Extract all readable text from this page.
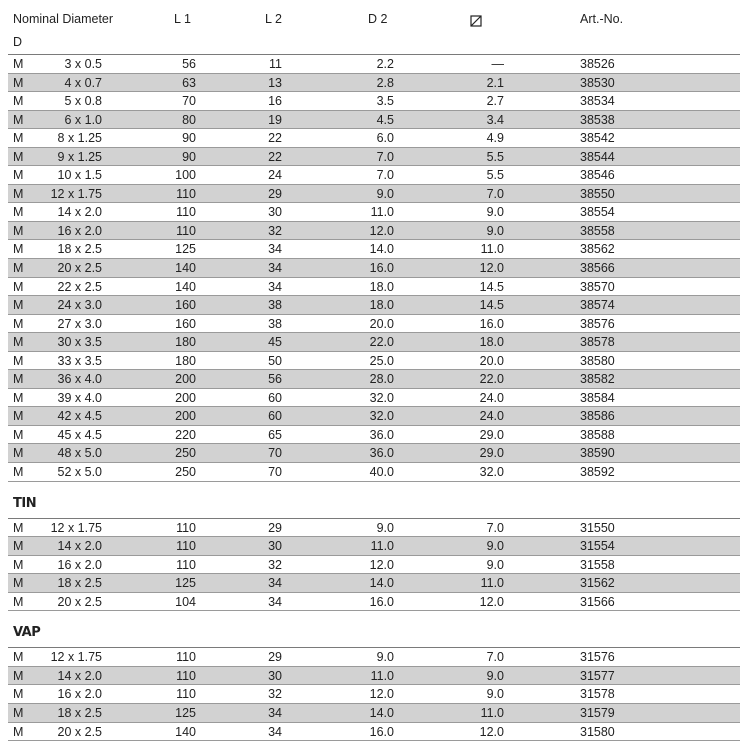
Nominal Diameter
D
L 1	L 2	D 2	Art.-No.
M	3 x 0.5	56	11	2.2	—	38526
M	4 x 0.7	63	13	2.8	2.1	38530
M	5 x 0.8	70	16	3.5	2.7	38534
M	6 x 1.0	80	19	4.5	3.4	38538
M	8 x 1.25	90	22	6.0	4.9	38542
M	9 x 1.25	90	22	7.0	5.5	38544
M	10 x 1.5	100	24	7.0	5.5	38546
M	12 x 1.75	110	29	9.0	7.0	38550
M	14 x 2.0	110	30	11.0	9.0	38554
M	16 x 2.0	110	32	12.0	9.0	38558
M	18 x 2.5	125	34	14.0	11.0	38562
M	20 x 2.5	140	34	16.0	12.0	38566
M	22 x 2.5	140	34	18.0	14.5	38570
M	24 x 3.0	160	38	18.0	14.5	38574
M	27 x 3.0	160	38	20.0	16.0	38576
M	30 x 3.5	180	45	22.0	18.0	38578
M	33 x 3.5	180	50	25.0	20.0	38580
M	36 x 4.0	200	56	28.0	22.0	38582
M	39 x 4.0	200	60	32.0	24.0	38584
M	42 x 4.5	200	60	32.0	24.0	38586
M	45 x 4.5	220	65	36.0	29.0	38588
M	48 x 5.0	250	70	36.0	29.0	38590
M	52 x 5.0	250	70	40.0	32.0	38592
TIN
M	12 x 1.75	110	29	9.0	7.0	31550
M	14 x 2.0	110	30	11.0	9.0	31554
M	16 x 2.0	110	32	12.0	9.0	31558
M	18 x 2.5	125	34	14.0	11.0	31562
M	20 x 2.5	104	34	16.0	12.0	31566
VAP
M	12 x 1.75	110	29	9.0	7.0	31576
M	14 x 2.0	110	30	11.0	9.0	31577
M	16 x 2.0	110	32	12.0	9.0	31578
M	18 x 2.5	125	34	14.0	11.0	31579
M	20 x 2.5	140	34	16.0	12.0	31580
